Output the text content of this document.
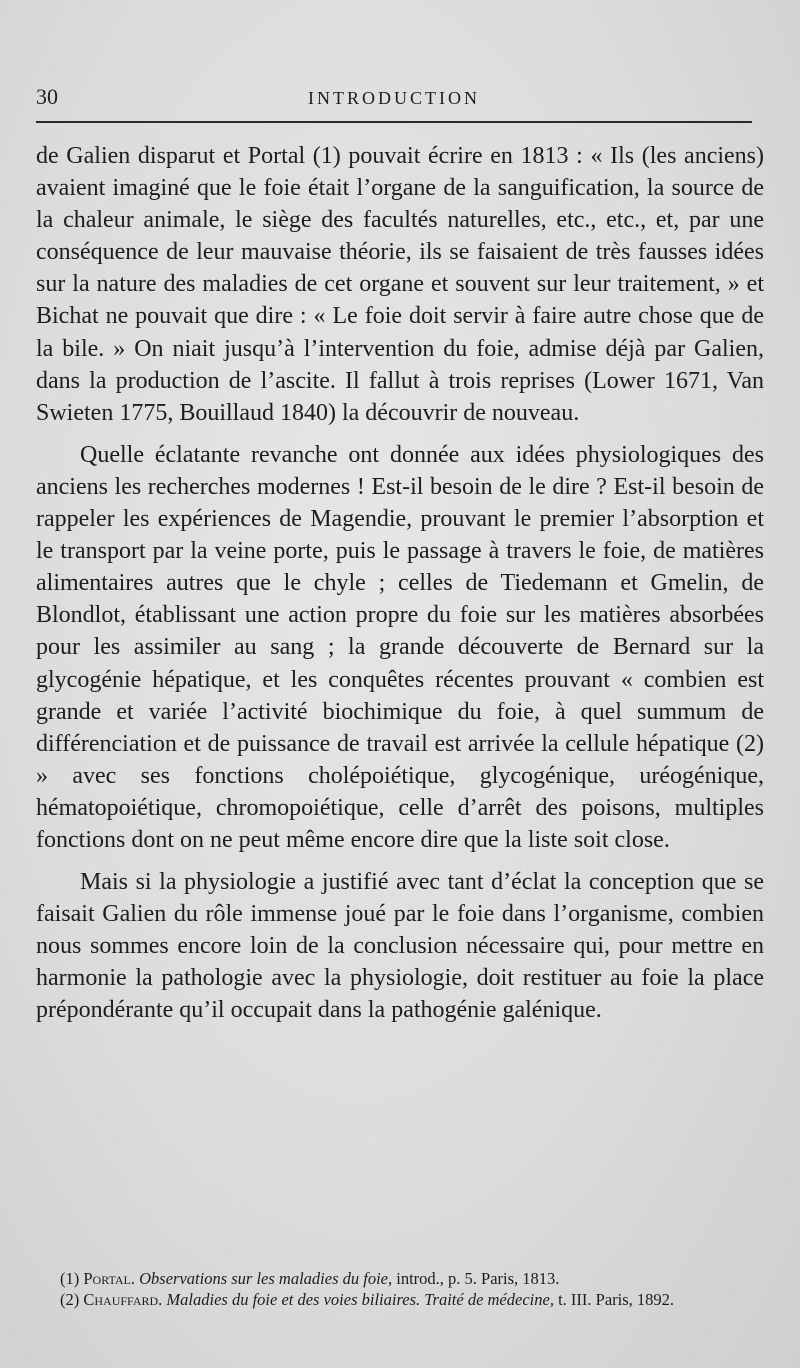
30	INTRODUCTION

de Galien disparut et Portal (1) pouvait écrire en 1813 : « Ils (les anciens) avaient imaginé que le foie était l’organe de la sanguification, la source de la chaleur animale, le siège des facultés naturelles, etc., etc., et, par une conséquence de leur mauvaise théorie, ils se faisaient de très fausses idées sur la nature des maladies de cet organe et souvent sur leur traitement, » et Bichat ne pouvait que dire : « Le foie doit servir à faire autre chose que de la bile. » On niait jusqu’à l’intervention du foie, admise déjà par Galien, dans la production de l’ascite. Il fallut à trois reprises (Lower 1671, Van Swieten 1775, Bouillaud 1840) la découvrir de nouveau.

Quelle éclatante revanche ont donnée aux idées physiologiques des anciens les recherches modernes ! Est-il besoin de le dire ? Est-il besoin de rappeler les expériences de Magendie, prouvant le premier l’absorption et le transport par la veine porte, puis le passage à travers le foie, de matières alimentaires autres que le chyle ; celles de Tiedemann et Gmelin, de Blondlot, établissant une action propre du foie sur les matières absorbées pour les assimiler au sang ; la grande découverte de Bernard sur la glycogénie hépatique, et les conquêtes récentes prouvant « combien est grande et variée l’activité biochimique du foie, à quel summum de différenciation et de puissance de travail est arrivée la cellule hépatique (2) » avec ses fonctions cholépoiétique, glycogénique, uréogénique, hématopoiétique, chromopoiétique, celle d’arrêt des poisons, multiples fonctions dont on ne peut même encore dire que la liste soit close.

Mais si la physiologie a justifié avec tant d’éclat la conception que se faisait Galien du rôle immense joué par le foie dans l’organisme, combien nous sommes encore loin de la conclusion nécessaire qui, pour mettre en harmonie la pathologie avec la physiologie, doit restituer au foie la place prépondérante qu’il occupait dans la pathogénie galénique.

(1) Portal. Observations sur les maladies du foie, introd., p. 5. Paris, 1813.

(2) Chauffard. Maladies du foie et des voies biliaires. Traité de médecine, t. III. Paris, 1892.
